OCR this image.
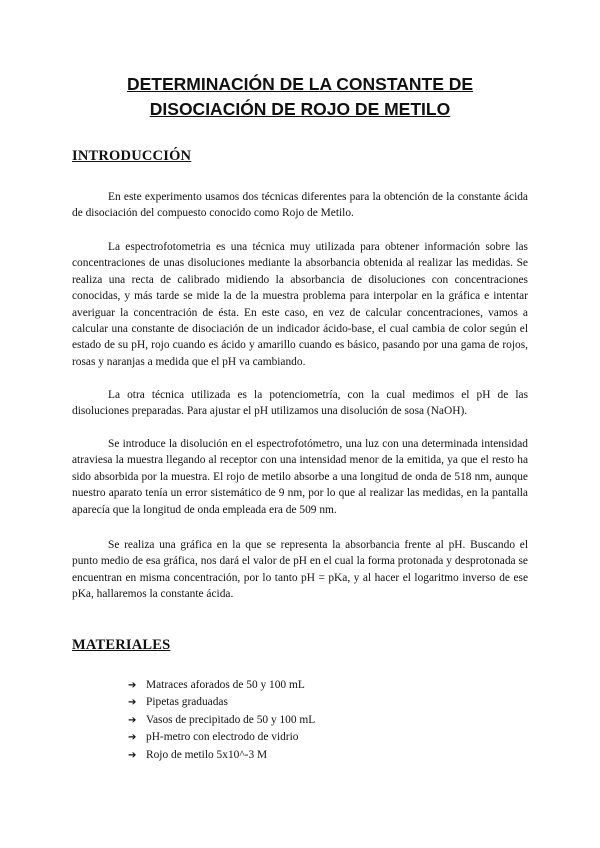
DETERMINACIÓN DE LA CONSTANTE DE
DISOCIACIÓN DE ROJO DE METILO
INTRODUCCIÓN

En este experimento usamos dos técnicas diferentes para la obtención de la constante ácida de disociación del compuesto conocido como Rojo de Metilo.

La espectrofotometria es una técnica muy utilizada para obtener información sobre las concentraciones de unas disoluciones mediante la absorbancia obtenida al realizar las medidas. Se realiza una recta de calibrado midiendo la absorbancia de disoluciones con concentraciones conocidas, y más tarde se mide la de la muestra problema para interpolar en la gráfica e intentar averiguar la concentración de ésta. En este caso, en vez de calcular concentraciones, vamos a calcular una constante de disociación de un indicador ácido-base, el cual cambia de color según el estado de su pH, rojo cuando es ácido y amarillo cuando es básico, pasando por una gama de rojos, rosas y naranjas a medida que el pH va cambiando.

La otra técnica utilizada es la potenciometría, con la cual medimos el pH de las disoluciones preparadas. Para ajustar el pH utilizamos una disolución de sosa (NaOH).

Se introduce la disolución en el espectrofotómetro, una luz con una determinada intensidad atraviesa la muestra llegando al receptor con una intensidad menor de la emitida, ya que el resto ha sido absorbida por la muestra. El rojo de metilo absorbe a una longitud de onda de 518 nm, aunque nuestro aparato tenía un error sistemático de 9 nm, por lo que al realizar las medidas, en la pantalla aparecía que la longitud de onda empleada era de 509 nm.

Se realiza una gráfica en la que se representa la absorbancia frente al pH. Buscando el punto medio de esa gráfica, nos dará el valor de pH en el cual la forma protonada y desprotonada se encuentran en misma concentración, por lo tanto pH = pKa, y al hacer el logaritmo inverso de ese pKa, hallaremos la constante ácida.

MATERIALES
➔ Matraces aforados de 50 y 100 mL
➔ Pipetas graduadas
➔ Vasos de precipitado de 50 y 100 mL
➔ pH-metro con electrodo de vidrio
➔ Rojo de metilo 5x10^-3 M
